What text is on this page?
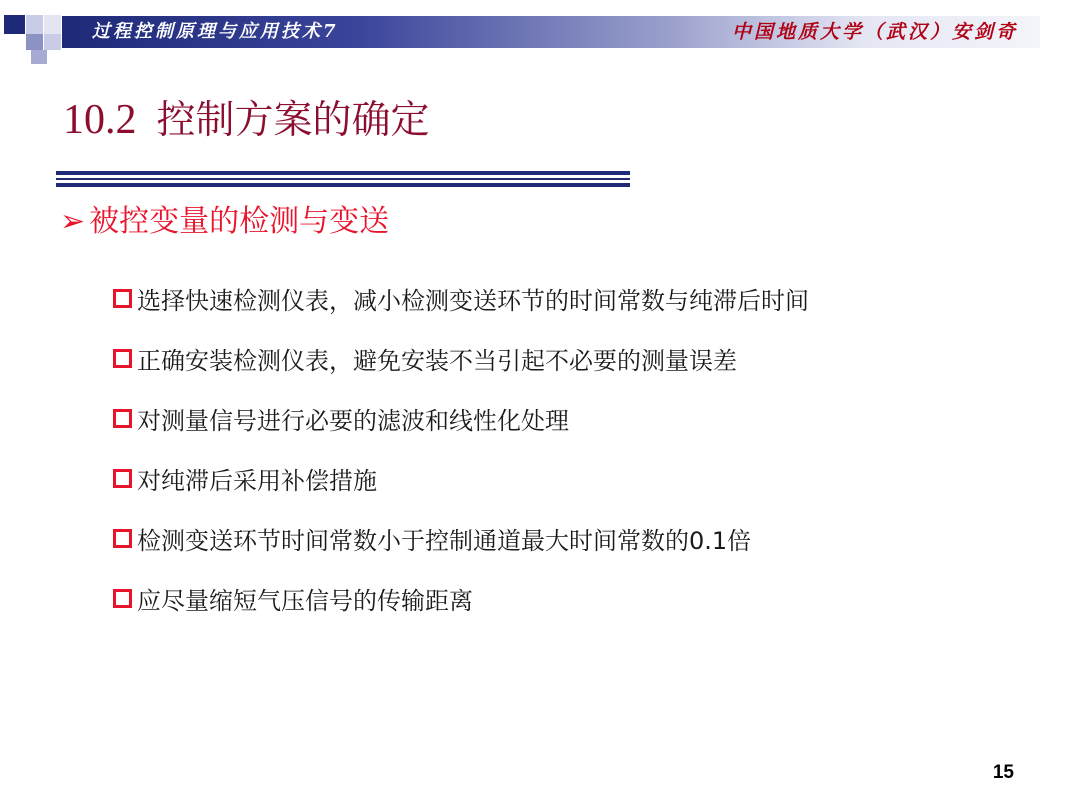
过程控制原理与应用技术7	中国地质大学（武汉）安剑奇
10.2 控制方案的确定
➢ 被控变量的检测与变送
选择快速检测仪表，减小检测变送环节的时间常数与纯滞后时间
正确安装检测仪表，避免安装不当引起不必要的测量误差
对测量信号进行必要的滤波和线性化处理
对纯滞后采用补偿措施
检测变送环节时间常数小于控制通道最大时间常数的0.1倍
应尽量缩短气压信号的传输距离
15
